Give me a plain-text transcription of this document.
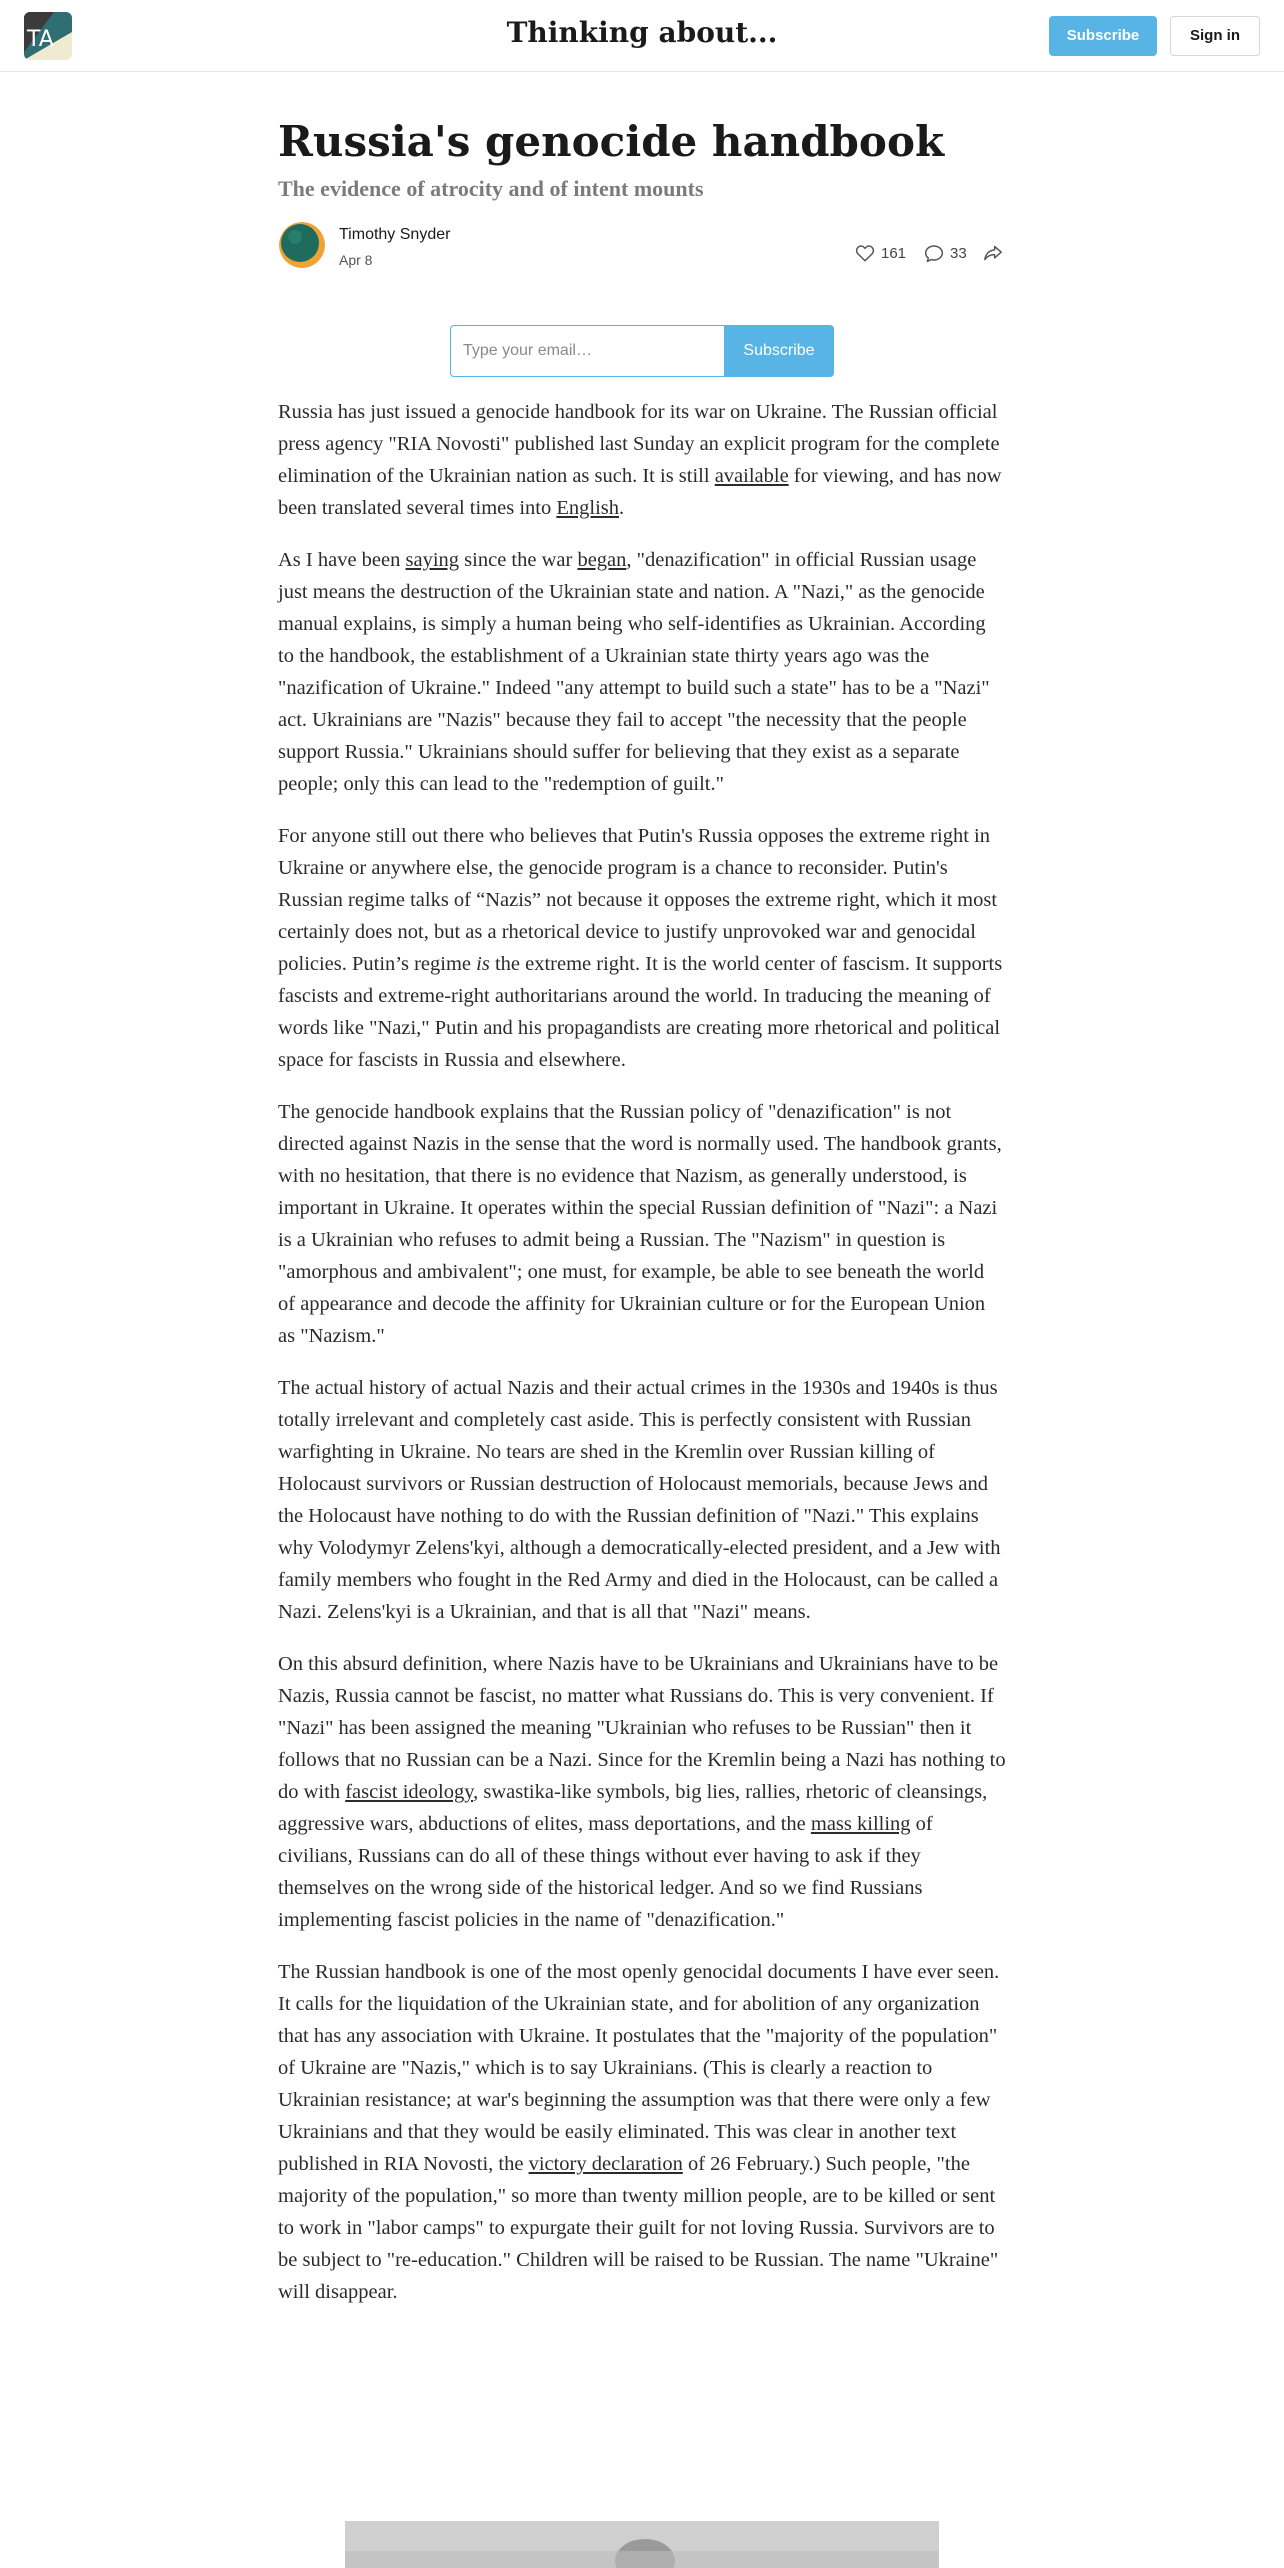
TA	Thinking about...	Subscribe	Sign in
Russia's genocide handbook
The evidence of atrocity and of intent mounts
Timothy Snyder
Apr 8	161	33
Type your email…
Subscribe

Russia has just issued a genocide handbook for its war on Ukraine. The Russian official press agency "RIA Novosti" published last Sunday an explicit program for the complete elimination of the Ukrainian nation as such. It is still available for viewing, and has now been translated several times into English.

As I have been saying since the war began, "denazification" in official Russian usage just means the destruction of the Ukrainian state and nation. A "Nazi," as the genocide manual explains, is simply a human being who self-identifies as Ukrainian. According to the handbook, the establishment of a Ukrainian state thirty years ago was the "nazification of Ukraine." Indeed "any attempt to build such a state" has to be a "Nazi" act. Ukrainians are "Nazis" because they fail to accept "the necessity that the people support Russia." Ukrainians should suffer for believing that they exist as a separate people; only this can lead to the "redemption of guilt."

For anyone still out there who believes that Putin's Russia opposes the extreme right in Ukraine or anywhere else, the genocide program is a chance to reconsider. Putin's Russian regime talks of “Nazis” not because it opposes the extreme right, which it most certainly does not, but as a rhetorical device to justify unprovoked war and genocidal policies. Putin’s regime is the extreme right. It is the world center of fascism. It supports fascists and extreme-right authoritarians around the world. In traducing the meaning of words like "Nazi," Putin and his propagandists are creating more rhetorical and political space for fascists in Russia and elsewhere.

The genocide handbook explains that the Russian policy of "denazification" is not directed against Nazis in the sense that the word is normally used. The handbook grants, with no hesitation, that there is no evidence that Nazism, as generally understood, is important in Ukraine. It operates within the special Russian definition of "Nazi": a Nazi is a Ukrainian who refuses to admit being a Russian. The "Nazism" in question is "amorphous and ambivalent"; one must, for example, be able to see beneath the world of appearance and decode the affinity for Ukrainian culture or for the European Union as "Nazism."

The actual history of actual Nazis and their actual crimes in the 1930s and 1940s is thus totally irrelevant and completely cast aside. This is perfectly consistent with Russian warfighting in Ukraine. No tears are shed in the Kremlin over Russian killing of Holocaust survivors or Russian destruction of Holocaust memorials, because Jews and the Holocaust have nothing to do with the Russian definition of "Nazi." This explains why Volodymyr Zelens'kyi, although a democratically-elected president, and a Jew with family members who fought in the Red Army and died in the Holocaust, can be called a Nazi. Zelens'kyi is a Ukrainian, and that is all that "Nazi" means.

On this absurd definition, where Nazis have to be Ukrainians and Ukrainians have to be Nazis, Russia cannot be fascist, no matter what Russians do. This is very convenient. If "Nazi" has been assigned the meaning "Ukrainian who refuses to be Russian" then it follows that no Russian can be a Nazi. Since for the Kremlin being a Nazi has nothing to do with fascist ideology, swastika-like symbols, big lies, rallies, rhetoric of cleansings, aggressive wars, abductions of elites, mass deportations, and the mass killing of civilians, Russians can do all of these things without ever having to ask if they themselves on the wrong side of the historical ledger. And so we find Russians implementing fascist policies in the name of "denazification."

The Russian handbook is one of the most openly genocidal documents I have ever seen. It calls for the liquidation of the Ukrainian state, and for abolition of any organization that has any association with Ukraine. It postulates that the "majority of the population" of Ukraine are "Nazis," which is to say Ukrainians. (This is clearly a reaction to Ukrainian resistance; at war's beginning the assumption was that there were only a few Ukrainians and that they would be easily eliminated. This was clear in another text published in RIA Novosti, the victory declaration of 26 February.) Such people, "the majority of the population," so more than twenty million people, are to be killed or sent to work in "labor camps" to expurgate their guilt for not loving Russia. Survivors are to be subject to "re-education." Children will be raised to be Russian. The name "Ukraine" will disappear.
